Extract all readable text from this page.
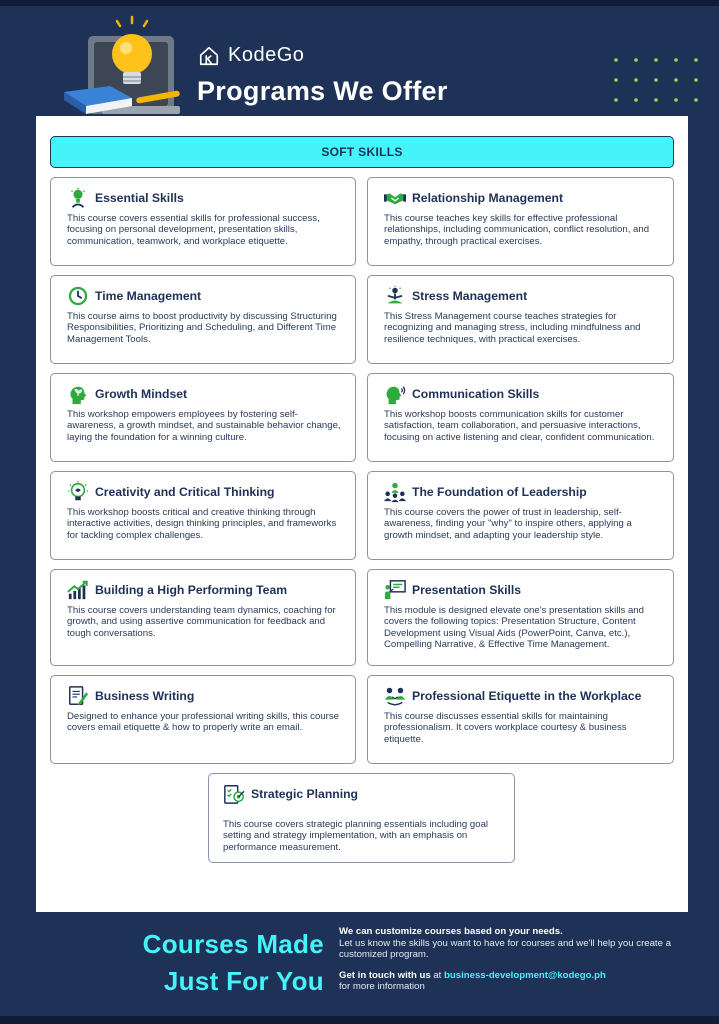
KodeGo
Programs We Offer
SOFT SKILLS
Essential Skills
This course covers essential skills for professional success, focusing on personal development, presentation skills, communication, teamwork, and workplace etiquette.
Relationship Management
This course teaches key skills for effective professional relationships, including communication, conflict resolution, and empathy, through practical exercises.
Time Management
This course aims to boost productivity by discussing Structuring Responsibilities, Prioritizing and Scheduling, and Different Time Management Tools.
Stress Management
This Stress Management course teaches strategies for recognizing and managing stress, including mindfulness and resilience techniques, with practical exercises.
Growth Mindset
This workshop empowers employees by fostering self-awareness, a growth mindset, and sustainable behavior change, laying the foundation for a winning culture.
Communication Skills
This workshop boosts communication skills for customer satisfaction, team collaboration, and persuasive interactions, focusing on active listening and clear, confident communication.
Creativity and Critical Thinking
This workshop boosts critical and creative thinking through interactive activities, design thinking principles, and frameworks for tackling complex challenges.
The Foundation of Leadership
This course covers the power of trust in leadership, self-awareness, finding your "why" to inspire others, applying a growth mindset, and adapting your leadership style.
Building a High Performing Team
This course covers understanding team dynamics, coaching for growth, and using assertive communication for feedback and tough conversations.
Presentation Skills
This module is designed elevate one's presentation skills and covers the following topics: Presentation Structure, Content Development using Visual Aids (PowerPoint, Canva, etc.), Compelling Narrative, & Effective Time Management.
Business Writing
Designed to enhance your professional writing skills, this course covers email etiquette & how to properly write an email.
Professional Etiquette in the Workplace
This course discusses essential skills for maintaining professionalism. It covers workplace courtesy & business etiquette.
Strategic Planning
This course covers strategic planning essentials including goal setting and strategy implementation, with an emphasis on performance measurement.
Courses Made
Just For You
We can customize courses based on your needs.
Let us know the skills you want to have for courses and we'll help you create a customized program.
Get in touch with us at business-development@kodego.ph
for more information
